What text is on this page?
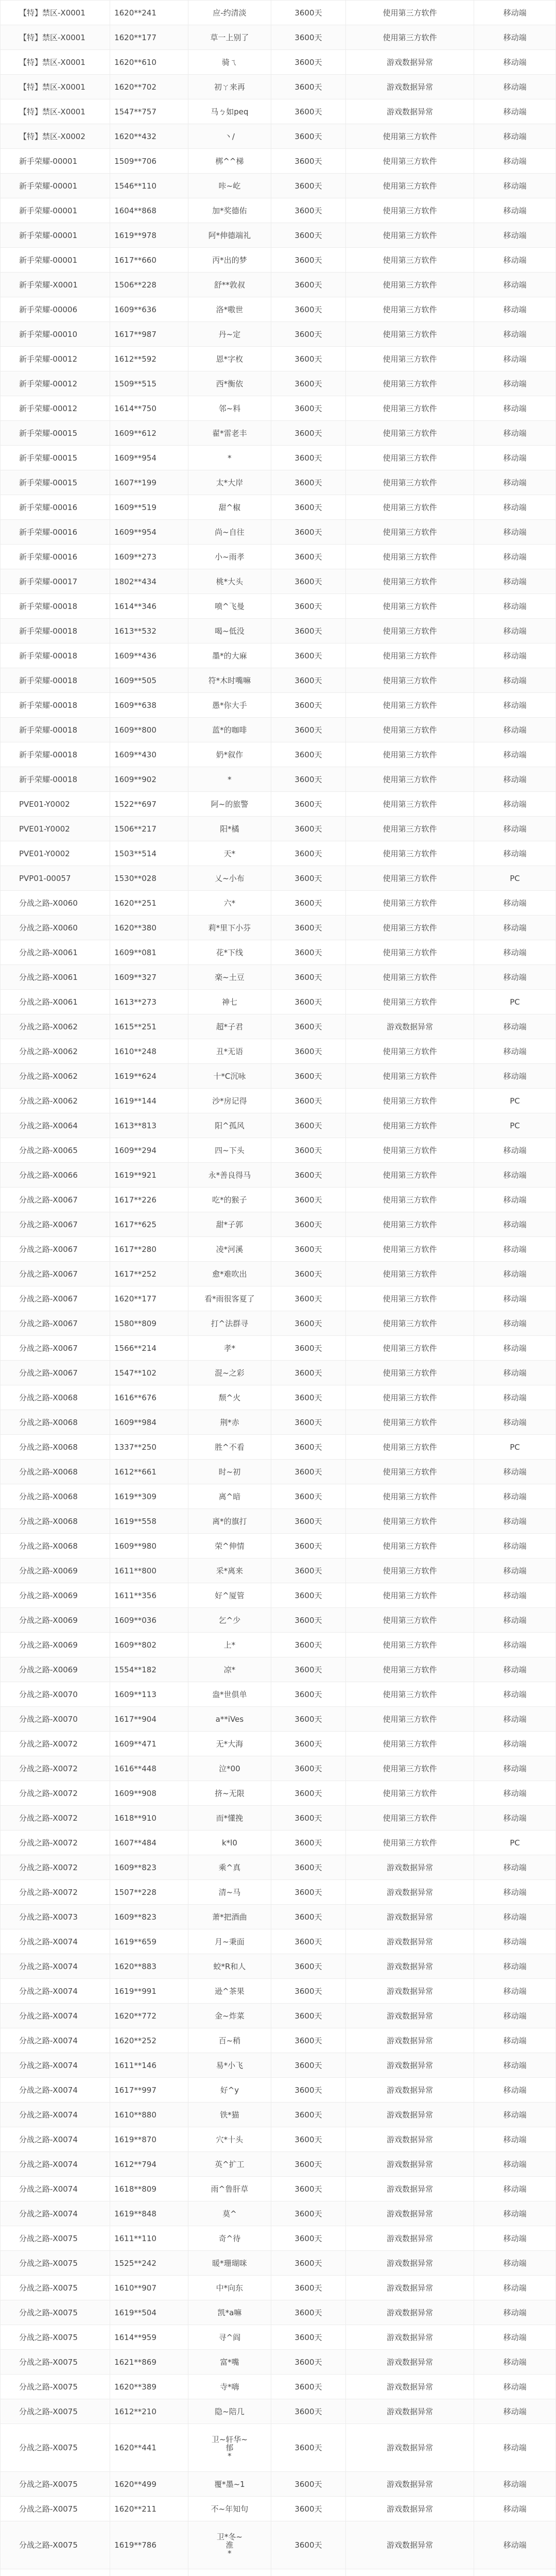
【特】禁区-X0001	1620**241	应-约清淡	3600天	使用第三方软件	移动端
【特】禁区-X0001	1620**177	草一上别了	3600天	使用第三方软件	移动端
【特】禁区-X0001	1620**610	骑ㄟ	3600天	游戏数据异常	移动端
【特】禁区-X0001	1620**702	初ㄚ来再	3600天	游戏数据异常	移动端
【特】禁区-X0001	1547**757	马ㄅ如peq	3600天	游戏数据异常	移动端
【特】禁区-X0002	1620**432	丶/	3600天	使用第三方软件	移动端
新手荣耀-00001	1509**706	梆^^梯	3600天	使用第三方软件	移动端
新手荣耀-00001	1546**110	咔~屹	3600天	使用第三方软件	移动端
新手荣耀-00001	1604**868	加*奖德佑	3600天	使用第三方软件	移动端
新手荣耀-00001	1619**978	阿*伸德端礼	3600天	使用第三方软件	移动端
新手荣耀-00001	1617**660	丙*出的梦	3600天	使用第三方软件	移动端
新手荣耀-X0001	1506**228	舒**敦叔	3600天	使用第三方软件	移动端
新手荣耀-00006	1609**636	洛*嗷世	3600天	使用第三方软件	移动端
新手荣耀-00010	1617**987	丹~定	3600天	使用第三方软件	移动端
新手荣耀-00012	1612**592	恩*字枚	3600天	使用第三方软件	移动端
新手荣耀-00012	1509**515	西*衡依	3600天	使用第三方软件	移动端
新手荣耀-00012	1614**750	邻~料	3600天	使用第三方软件	移动端
新手荣耀-00015	1609**612	翟*雷老丰	3600天	使用第三方软件	移动端
新手荣耀-00015	1609**954	*	3600天	使用第三方软件	移动端
新手荣耀-00015	1607**199	太*大岸	3600天	使用第三方软件	移动端
新手荣耀-00016	1609**519	甜^椒	3600天	使用第三方软件	移动端
新手荣耀-00016	1609**954	尚~自往	3600天	使用第三方软件	移动端
新手荣耀-00016	1609**273	小~雨孝	3600天	使用第三方软件	移动端
新手荣耀-00017	1802**434	桃*大头	3600天	使用第三方软件	移动端
新手荣耀-00018	1614**346	喷^飞曼	3600天	使用第三方软件	移动端
新手荣耀-00018	1613**532	喝~低没	3600天	使用第三方软件	移动端
新手荣耀-00018	1609**436	墨*的大麻	3600天	使用第三方软件	移动端
新手荣耀-00018	1609**505	符*木时嘴嘛	3600天	使用第三方软件	移动端
新手荣耀-00018	1609**638	愚*你大手	3600天	使用第三方软件	移动端
新手荣耀-00018	1609**800	蓝*的咖啡	3600天	使用第三方软件	移动端
新手荣耀-00018	1609**430	奶*叙作	3600天	使用第三方软件	移动端
新手荣耀-00018	1609**902	*	3600天	使用第三方软件	移动端
PVE01-Y0002	1522**697	阿~的旅警	3600天	使用第三方软件	移动端
PVE01-Y0002	1506**217	阳*橘	3600天	使用第三方软件	移动端
PVE01-Y0002	1503**514	天*	3600天	使用第三方软件	移动端
PVP01-00057	1530**028	乂~小布	3600天	使用第三方软件	PC
分战之路-X0060	1620**251	六*	3600天	使用第三方软件	移动端
分战之路-X0060	1620**380	莉*里下小芬	3600天	使用第三方软件	移动端
分战之路-X0061	1609**081	花*下线	3600天	使用第三方软件	移动端
分战之路-X0061	1609**327	楽~土豆	3600天	使用第三方软件	移动端
分战之路-X0061	1613**273	神七	3600天	使用第三方软件	PC
分战之路-X0062	1615**251	超*子君	3600天	游戏数据异常	移动端
分战之路-X0062	1610**248	丑*无语	3600天	使用第三方软件	移动端
分战之路-X0062	1619**624	十*C沉咏	3600天	使用第三方软件	移动端
分战之路-X0062	1619**144	沙*房记得	3600天	使用第三方软件	PC
分战之路-X0064	1613**813	阳^孤风	3600天	使用第三方软件	PC
分战之路-X0065	1609**294	四~下头	3600天	使用第三方软件	移动端
分战之路-X0066	1619**921	永*善良得马	3600天	使用第三方软件	移动端
分战之路-X0067	1617**226	吃*的猴子	3600天	使用第三方软件	移动端
分战之路-X0067	1617**625	甜*子郭	3600天	使用第三方软件	移动端
分战之路-X0067	1617**280	凌*河溪	3600天	使用第三方软件	移动端
分战之路-X0067	1617**252	愈*难吹出	3600天	使用第三方软件	移动端
分战之路-X0067	1620**177	看*雨很客夏了	3600天	使用第三方软件	移动端
分战之路-X0067	1580**809	打^法群寻	3600天	使用第三方软件	移动端
分战之路-X0067	1566**214	孝*	3600天	使用第三方软件	移动端
分战之路-X0067	1547**102	混~之彩	3600天	使用第三方软件	移动端
分战之路-X0068	1616**676	颓^火	3600天	使用第三方软件	移动端
分战之路-X0068	1609**984	荆*赤	3600天	使用第三方软件	移动端
分战之路-X0068	1337**250	胜^不看	3600天	使用第三方软件	PC
分战之路-X0068	1612**661	时~初	3600天	使用第三方软件	移动端
分战之路-X0068	1619**309	离^暗	3600天	使用第三方软件	移动端
分战之路-X0068	1619**558	离*的旗打	3600天	使用第三方软件	移动端
分战之路-X0068	1609**980	荣^伸情	3600天	使用第三方软件	移动端
分战之路-X0069	1611**800	采*离来	3600天	使用第三方软件	移动端
分战之路-X0069	1611**356	好^厦管	3600天	使用第三方软件	移动端
分战之路-X0069	1609**036	乞^少	3600天	使用第三方软件	移动端
分战之路-X0069	1609**802	上*	3600天	使用第三方软件	移动端
分战之路-X0069	1554**182	凉*	3600天	使用第三方软件	移动端
分战之路-X0070	1609**113	盎*世俱单	3600天	使用第三方软件	移动端
分战之路-X0070	1617**904	a**iVes	3600天	使用第三方软件	移动端
分战之路-X0072	1609**471	无*大海	3600天	使用第三方软件	移动端
分战之路-X0072	1616**448	泣*00	3600天	使用第三方软件	移动端
分战之路-X0072	1609**908	挤~无限	3600天	使用第三方软件	移动端
分战之路-X0072	1618**910	而*懂挽	3600天	使用第三方软件	移动端
分战之路-X0072	1607**484	k*l0	3600天	使用第三方软件	PC
分战之路-X0072	1609**823	乘^真	3600天	游戏数据异常	移动端
分战之路-X0072	1507**228	清~马	3600天	游戏数据异常	移动端
分战之路-X0073	1609**823	萧*把酒曲	3600天	游戏数据异常	移动端
分战之路-X0074	1619**659	月~秉面	3600天	游戏数据异常	移动端
分战之路-X0074	1620**883	蛟*R和人	3600天	游戏数据异常	移动端
分战之路-X0074	1619**991	逊^茶果	3600天	游戏数据异常	移动端
分战之路-X0074	1620**772	金~炸菜	3600天	游戏数据异常	移动端
分战之路-X0074	1620**252	百~稍	3600天	游戏数据异常	移动端
分战之路-X0074	1611**146	易*小飞	3600天	游戏数据异常	移动端
分战之路-X0074	1617**997	好^y	3600天	游戏数据异常	移动端
分战之路-X0074	1610**880	铁*猫	3600天	游戏数据异常	移动端
分战之路-X0074	1619**870	穴*十头	3600天	游戏数据异常	移动端
分战之路-X0074	1612**794	英^扩工	3600天	游戏数据异常	移动端
分战之路-X0074	1618**809	雨^鲁肝草	3600天	游戏数据异常	移动端
分战之路-X0074	1619**848	莫^	3600天	游戏数据异常	移动端
分战之路-X0075	1611**110	奇^待	3600天	游戏数据异常	移动端
分战之路-X0075	1525**242	暖*珊瑚咪	3600天	游戏数据异常	移动端
分战之路-X0075	1610**907	中*向东	3600天	游戏数据异常	移动端
分战之路-X0075	1619**504	凯*a嘛	3600天	游戏数据异常	移动端
分战之路-X0075	1614**959	寻^阎	3600天	游戏数据异常	移动端
分战之路-X0075	1621**869	富*嘴	3600天	游戏数据异常	移动端
分战之路-X0075	1620**389	寺*嗨	3600天	游戏数据异常	移动端
分战之路-X0075	1612**210	隐~陪几	3600天	游戏数据异常	移动端
分战之路-X0075	1620**441	卫~轩华~
郁
*	3600天	游戏数据异常	移动端
分战之路-X0075	1620**499	覆*墨~1	3600天	游戏数据异常	移动端
分战之路-X0075	1620**211	不~年知句	3600天	游戏数据异常	移动端
分战之路-X0075	1619**786	卫*冬~
淮
*	3600天	游戏数据异常	移动端
